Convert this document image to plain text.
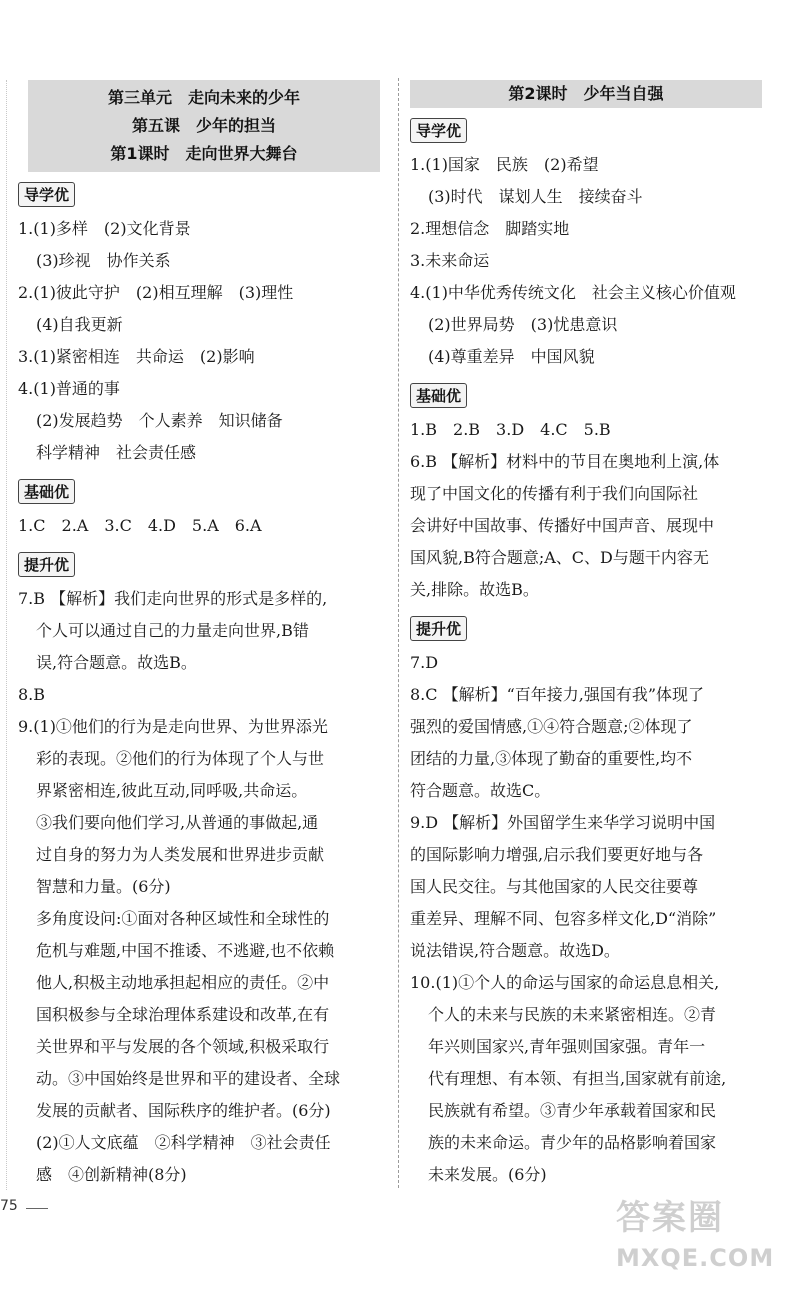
第三单元　走向未来的少年
第五课　少年的担当
第1课时　走向世界大舞台
导学优
1.(1)多样　(2)文化背景
(3)珍视　协作关系
2.(1)彼此守护　(2)相互理解　(3)理性
(4)自我更新
3.(1)紧密相连　共命运　(2)影响
4.(1)普通的事
(2)发展趋势　个人素养　知识储备
科学精神　社会责任感
基础优
1.C　2.A　3.C　4.D　5.A　6.A
提升优
7.B 【解析】我们走向世界的形式是多样的,
个人可以通过自己的力量走向世界,B错
误,符合题意。故选B。
8.B
9.(1)①他们的行为是走向世界、为世界添光
彩的表现。②他们的行为体现了个人与世
界紧密相连,彼此互动,同呼吸,共命运。
③我们要向他们学习,从普通的事做起,通
过自身的努力为人类发展和世界进步贡献
智慧和力量。(6分)
多角度设问:①面对各种区域性和全球性的
危机与难题,中国不推诿、不逃避,也不依赖
他人,积极主动地承担起相应的责任。②中
国积极参与全球治理体系建设和改革,在有
关世界和平与发展的各个领域,积极采取行
动。③中国始终是世界和平的建设者、全球
发展的贡献者、国际秩序的维护者。(6分)
(2)①人文底蕴　②科学精神　③社会责任
感　④创新精神(8分)
第2课时　少年当自强
导学优
1.(1)国家　民族　(2)希望
(3)时代　谋划人生　接续奋斗
2.理想信念　脚踏实地
3.未来命运
4.(1)中华优秀传统文化　社会主义核心价值观
(2)世界局势　(3)忧患意识
(4)尊重差异　中国风貌
基础优
1.B　2.B　3.D　4.C　5.B
6.B 【解析】材料中的节目在奥地利上演,体
现了中国文化的传播有利于我们向国际社
会讲好中国故事、传播好中国声音、展现中
国风貌,B符合题意;A、C、D与题干内容无
关,排除。故选B。
提升优
7.D
8.C 【解析】“百年接力,强国有我”体现了
强烈的爱国情感,①④符合题意;②体现了
团结的力量,③体现了勤奋的重要性,均不
符合题意。故选C。
9.D 【解析】外国留学生来华学习说明中国
的国际影响力增强,启示我们要更好地与各
国人民交往。与其他国家的人民交往要尊
重差异、理解不同、包容多样文化,D“消除”
说法错误,符合题意。故选D。
10.(1)①个人的命运与国家的命运息息相关,
个人的未来与民族的未来紧密相连。②青
年兴则国家兴,青年强则国家强。青年一
代有理想、有本领、有担当,国家就有前途,
民族就有希望。③青少年承载着国家和民
族的未来命运。青少年的品格影响着国家
未来发展。(6分)
75	答案圈
MXQE.COM
